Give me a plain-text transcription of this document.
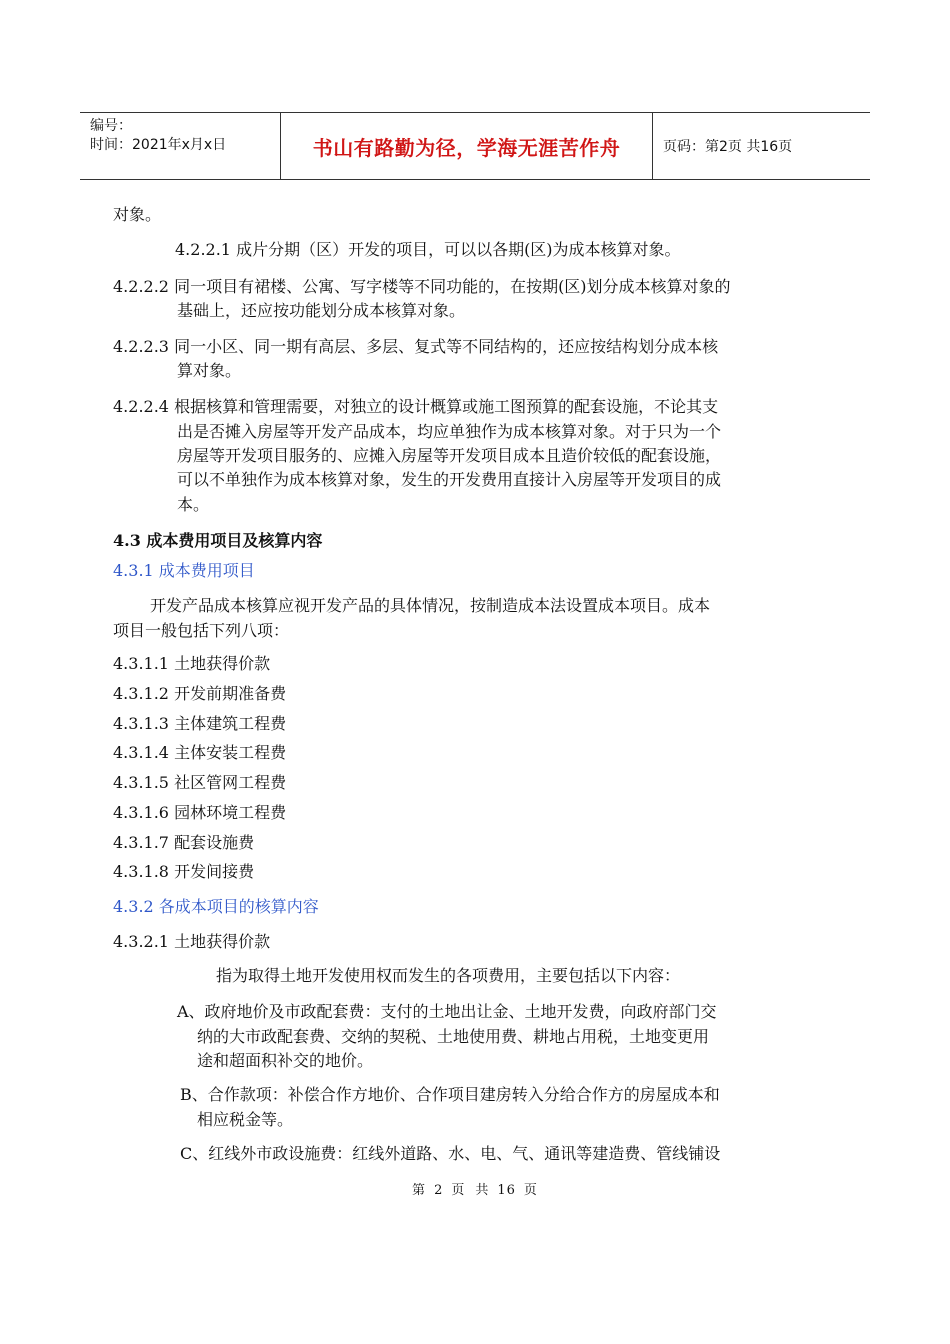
编号：
时间：2021年x月x日	书山有路勤为径，学海无涯苦作舟	页码：第2页 共16页
对象。
4.2.2.1 成片分期（区）开发的项目，可以以各期(区)为成本核算对象。
4.2.2.2 同一项目有裙楼、公寓、写字楼等不同功能的，在按期(区)划分成本核算对象的
基础上，还应按功能划分成本核算对象。
4.2.2.3 同一小区、同一期有高层、多层、复式等不同结构的，还应按结构划分成本核
算对象。
4.2.2.4 根据核算和管理需要，对独立的设计概算或施工图预算的配套设施，不论其支
出是否摊入房屋等开发产品成本，均应单独作为成本核算对象。对于只为一个
房屋等开发项目服务的、应摊入房屋等开发项目成本且造价较低的配套设施，
可以不单独作为成本核算对象，发生的开发费用直接计入房屋等开发项目的成
本。
4.3 成本费用项目及核算内容
4.3.1 成本费用项目
开发产品成本核算应视开发产品的具体情况，按制造成本法设置成本项目。成本
项目一般包括下列八项：
4.3.1.1 土地获得价款
4.3.1.2 开发前期准备费
4.3.1.3 主体建筑工程费
4.3.1.4 主体安装工程费
4.3.1.5 社区管网工程费
4.3.1.6 园林环境工程费
4.3.1.7 配套设施费
4.3.1.8 开发间接费
4.3.2 各成本项目的核算内容
4.3.2.1 土地获得价款
指为取得土地开发使用权而发生的各项费用，主要包括以下内容：
A、政府地价及市政配套费：支付的土地出让金、土地开发费，向政府部门交
纳的大市政配套费、交纳的契税、土地使用费、耕地占用税，土地变更用
途和超面积补交的地价。
B、合作款项：补偿合作方地价、合作项目建房转入分给合作方的房屋成本和
相应税金等。
C、红线外市政设施费：红线外道路、水、电、气、通讯等建造费、管线铺设
第 2 页 共 16 页
